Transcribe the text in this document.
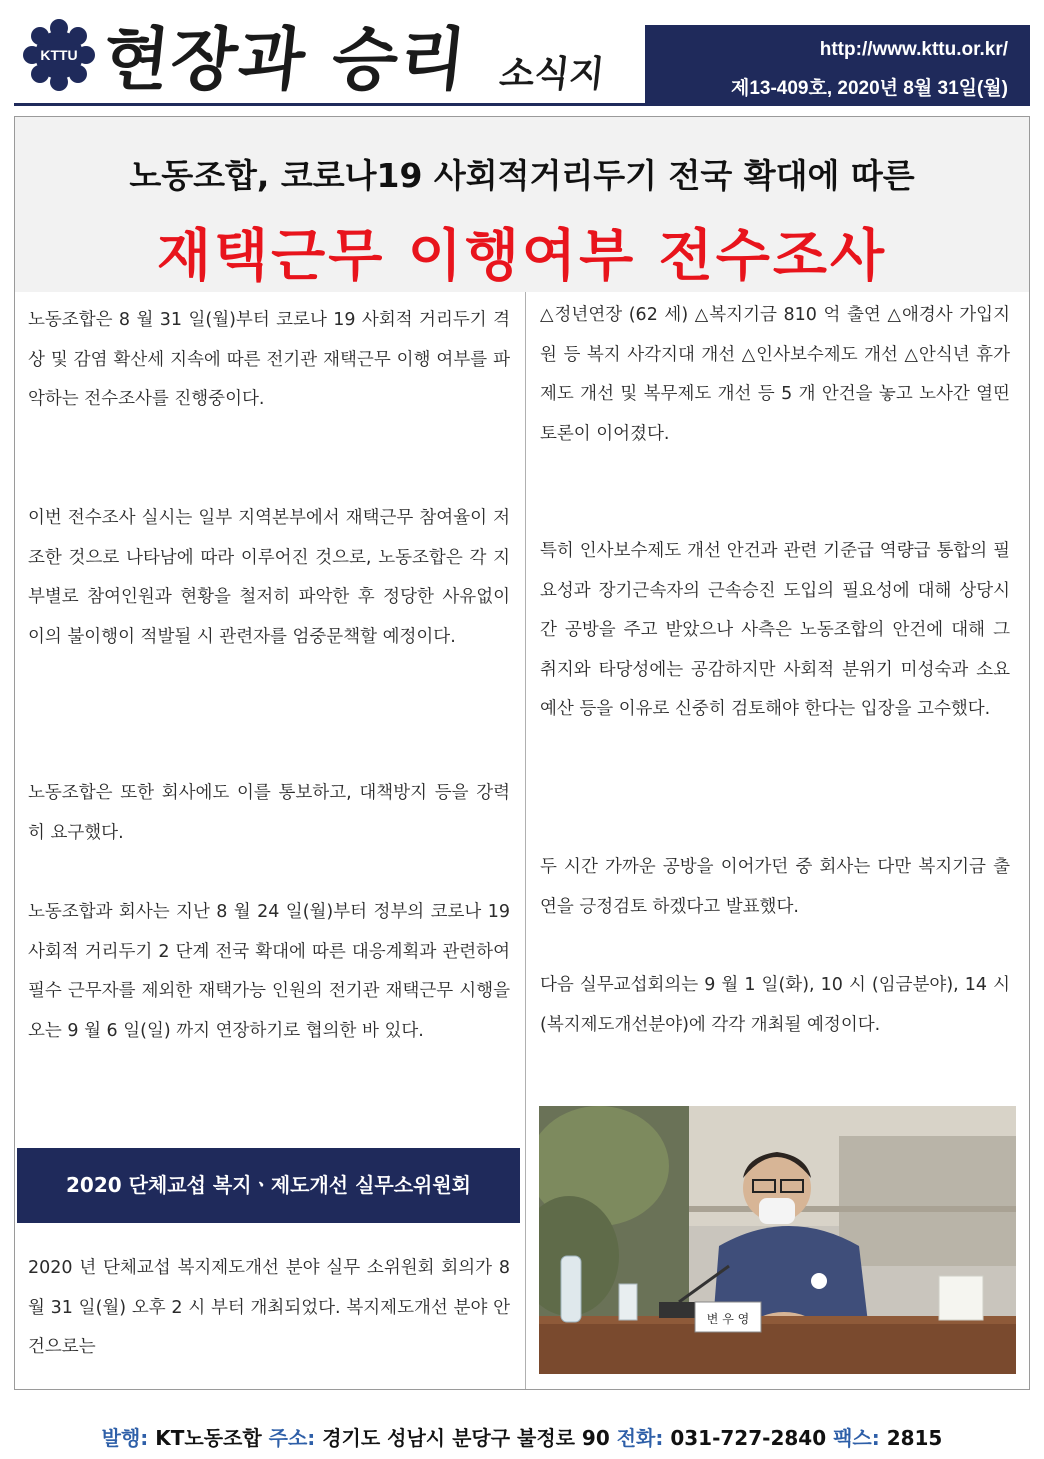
KTTU 현장과 승리 소식지
http://www.kttu.or.kr/
제13-409호, 2020년 8월 31일(월)
노동조합, 코로나19 사회적거리두기 전국 확대에 따른
재택근무 이행여부 전수조사

노동조합은 8 월 31 일(월)부터 코로나 19 사회적 거리두기 격상 및 감염 확산세 지속에 따른 전기관 재택근무 이행 여부를 파악하는 전수조사를 진행중이다.

이번 전수조사 실시는 일부 지역본부에서 재택근무 참여율이 저조한 것으로 나타남에 따라 이루어진 것으로, 노동조합은 각 지부별로 참여인원과 현황을 철저히 파악한 후 정당한 사유없이 이의 불이행이 적발될 시 관련자를 엄중문책할 예정이다.

노동조합은 또한 회사에도 이를 통보하고, 대책방지 등을 강력히 요구했다.

노동조합과 회사는 지난 8 월 24 일(월)부터 정부의 코로나 19 사회적 거리두기 2 단계 전국 확대에 따른 대응계획과 관련하여 필수 근무자를 제외한 재택가능 인원의 전기관 재택근무 시행을 오는 9 월 6 일(일) 까지 연장하기로 협의한 바 있다.

2020 단체교섭 복지ㆍ제도개선 실무소위원회

2020 년 단체교섭 복지제도개선 분야 실무 소위원회 회의가 8 월 31 일(월) 오후 2 시 부터 개최되었다. 복지제도개선 분야 안건으로는

△정년연장 (62 세) △복지기금 810 억 출연 △애경사 가입지원 등 복지 사각지대 개선 △인사보수제도 개선 △안식년 휴가 제도 개선 및 복무제도 개선 등 5 개 안건을 놓고 노사간 열띤 토론이 이어졌다.

특히 인사보수제도 개선 안건과 관련 기준급 역량급 통합의 필요성과 장기근속자의 근속승진 도입의 필요성에 대해 상당시간 공방을 주고 받았으나 사측은 노동조합의 안건에 대해 그 취지와 타당성에는 공감하지만 사회적 분위기 미성숙과 소요예산 등을 이유로 신중히 검토해야 한다는 입장을 고수했다.

두 시간 가까운 공방을 이어가던 중 회사는 다만 복지기금 출연을 긍정검토 하겠다고 발표했다.

다음 실무교섭회의는 9 월 1 일(화), 10 시 (임금분야), 14 시 (복지제도개선분야)에 각각 개최될 예정이다.

변 우 영
발행: KT노동조합 주소: 경기도 성남시 분당구 불정로 90 전화: 031-727-2840 팩스: 2815
